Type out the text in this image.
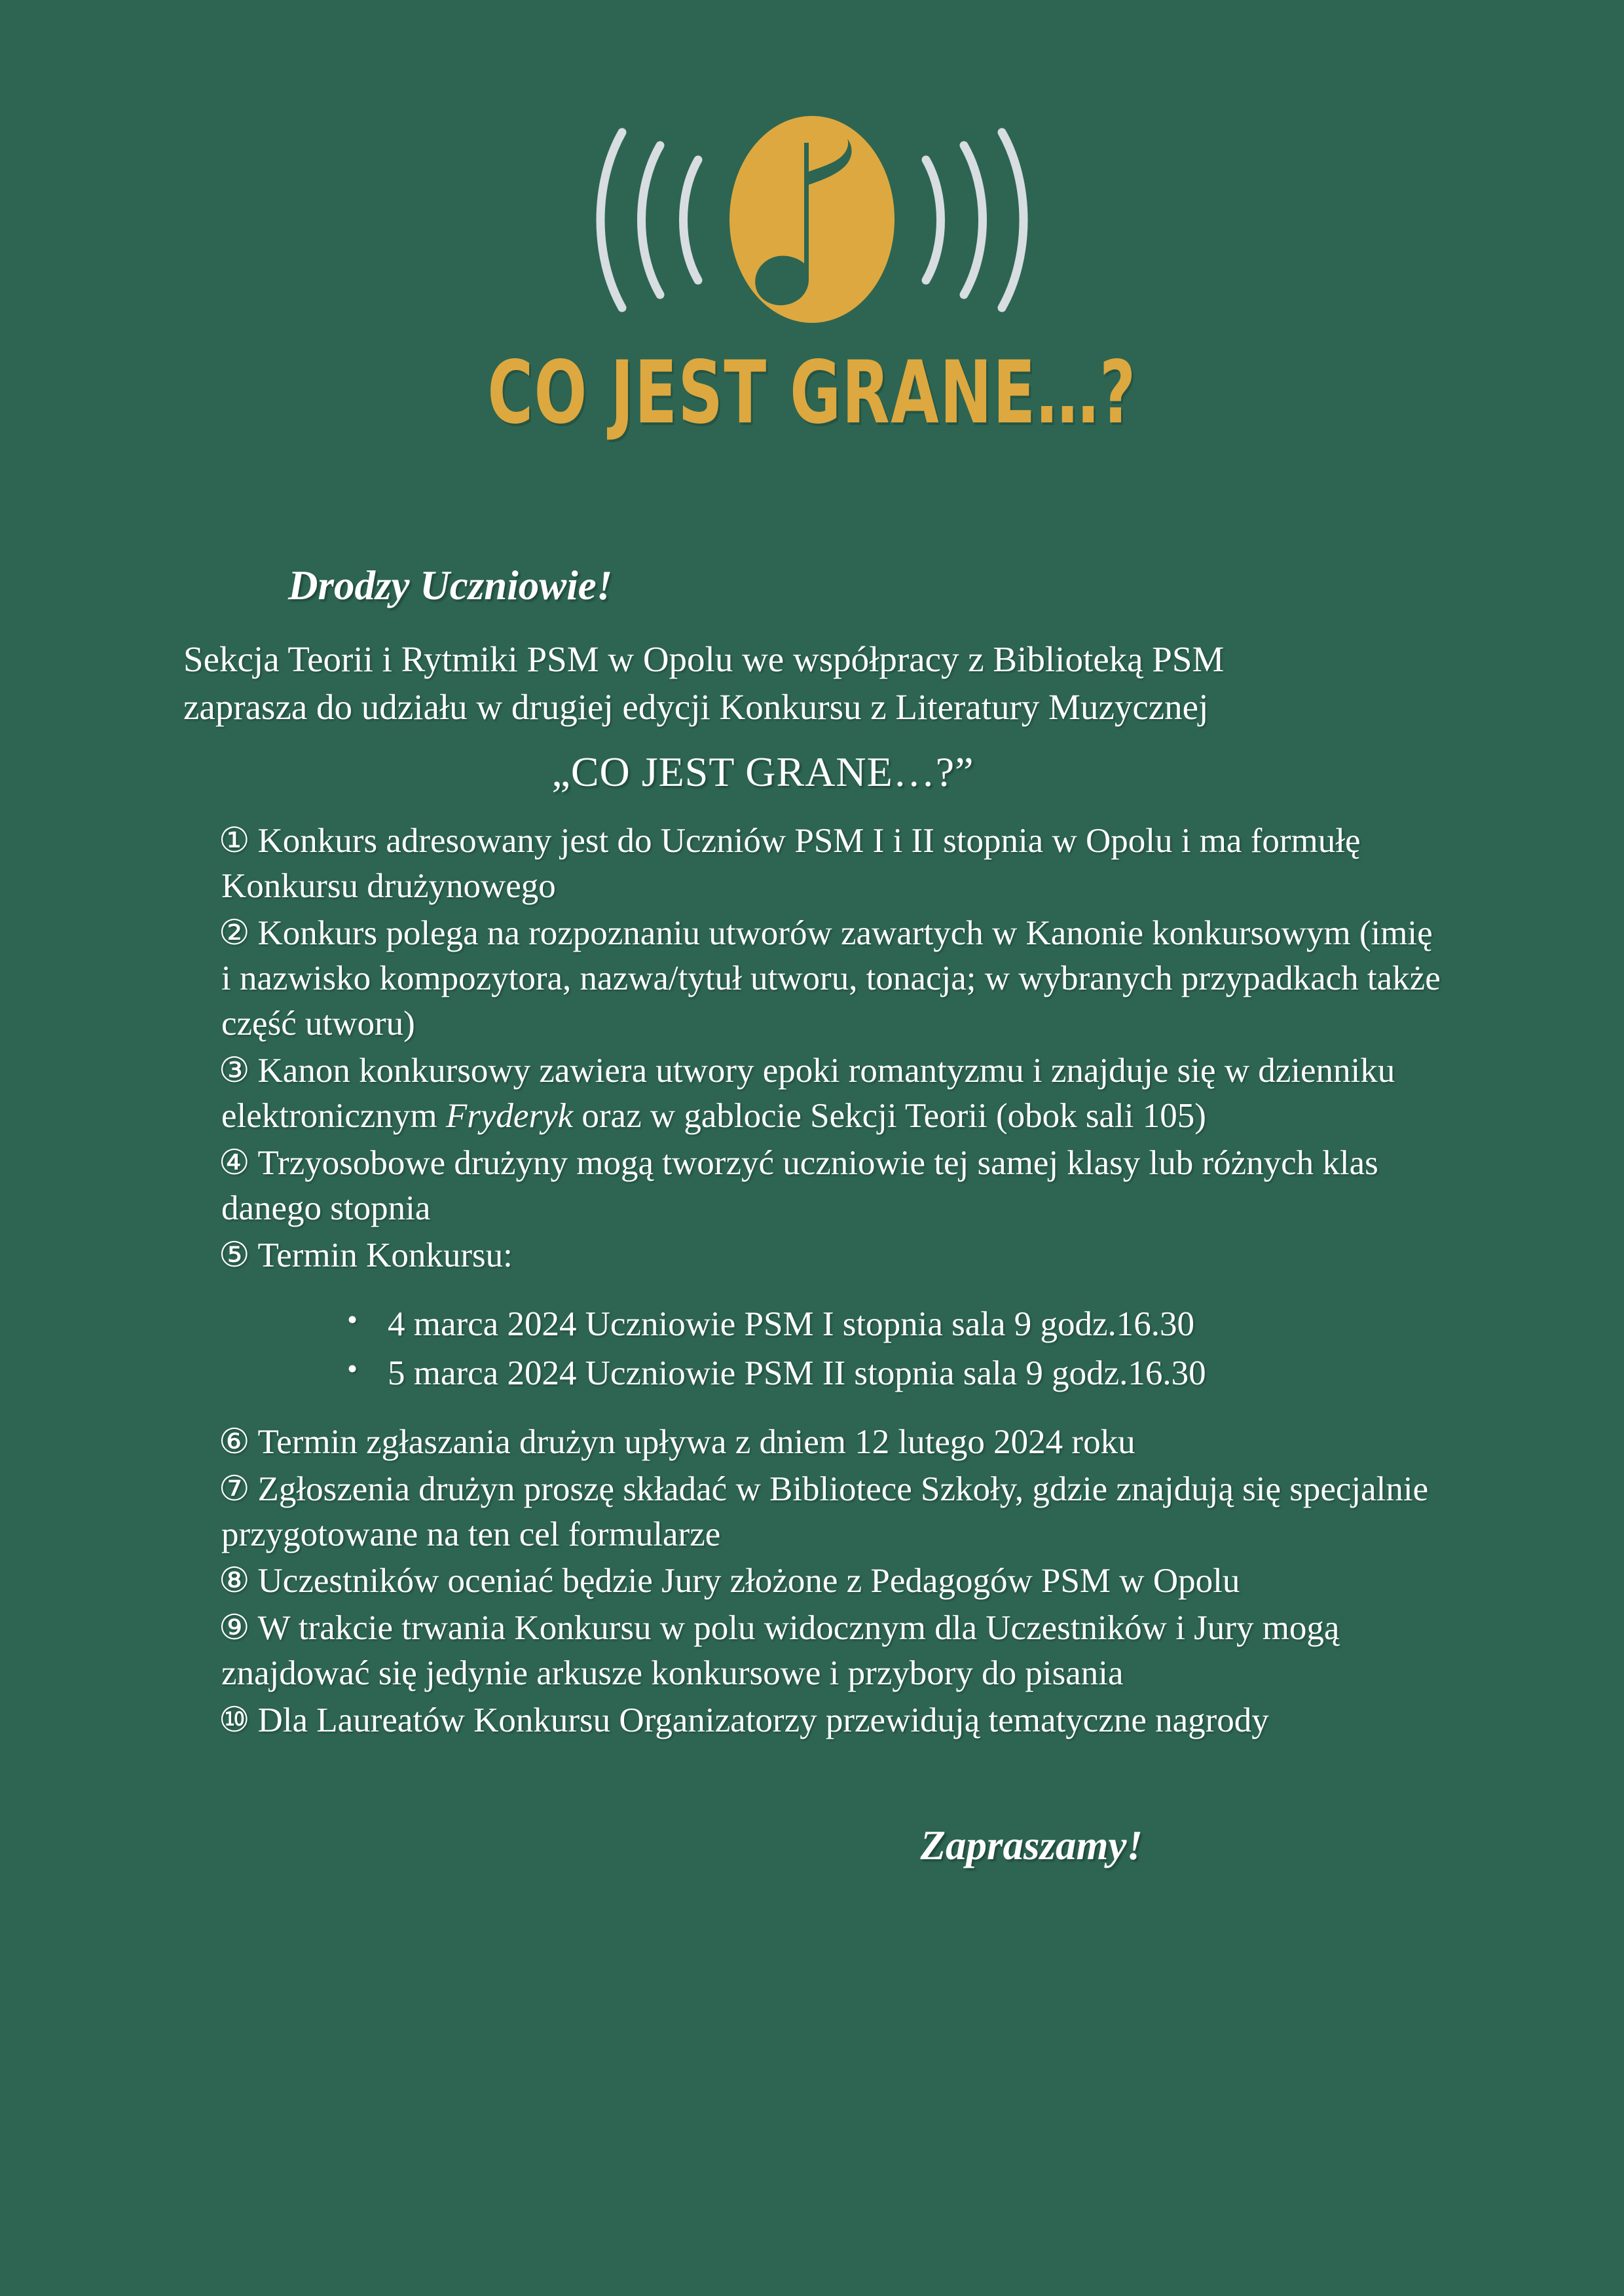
CO JEST GRANE…?
Drodzy Uczniowie!
Sekcja Teorii i Rytmiki PSM w Opolu we współpracy z Biblioteką PSM
zaprasza do udziału w drugiej edycji Konkursu z Literatury Muzycznej
„CO JEST GRANE…?”
① Konkurs adresowany jest do Uczniów PSM I i II stopnia w Opolu i ma formułę Konkursu drużynowego
② Konkurs polega na rozpoznaniu utworów zawartych w Kanonie konkursowym (imię i nazwisko kompozytora, nazwa/tytuł utworu, tonacja; w wybranych przypadkach także część utworu)
③ Kanon konkursowy zawiera utwory epoki romantyzmu i znajduje się w dzienniku elektronicznym Fryderyk oraz w gablocie Sekcji Teorii (obok sali 105)
④ Trzyosobowe drużyny mogą tworzyć uczniowie tej samej klasy lub różnych klas danego stopnia
⑤ Termin Konkursu:
• 4 marca 2024 Uczniowie PSM I stopnia sala 9 godz.16.30
• 5 marca 2024 Uczniowie PSM II stopnia sala 9 godz.16.30
⑥ Termin zgłaszania drużyn upływa z dniem 12 lutego 2024 roku
⑦ Zgłoszenia drużyn proszę składać w Bibliotece Szkoły, gdzie znajdują się specjalnie przygotowane na ten cel formularze
⑧ Uczestników oceniać będzie Jury złożone z Pedagogów PSM w Opolu
⑨ W trakcie trwania Konkursu w polu widocznym dla Uczestników i Jury mogą znajdować się jedynie arkusze konkursowe i przybory do pisania
⑩ Dla Laureatów Konkursu Organizatorzy przewidują tematyczne nagrody
Zapraszamy!
